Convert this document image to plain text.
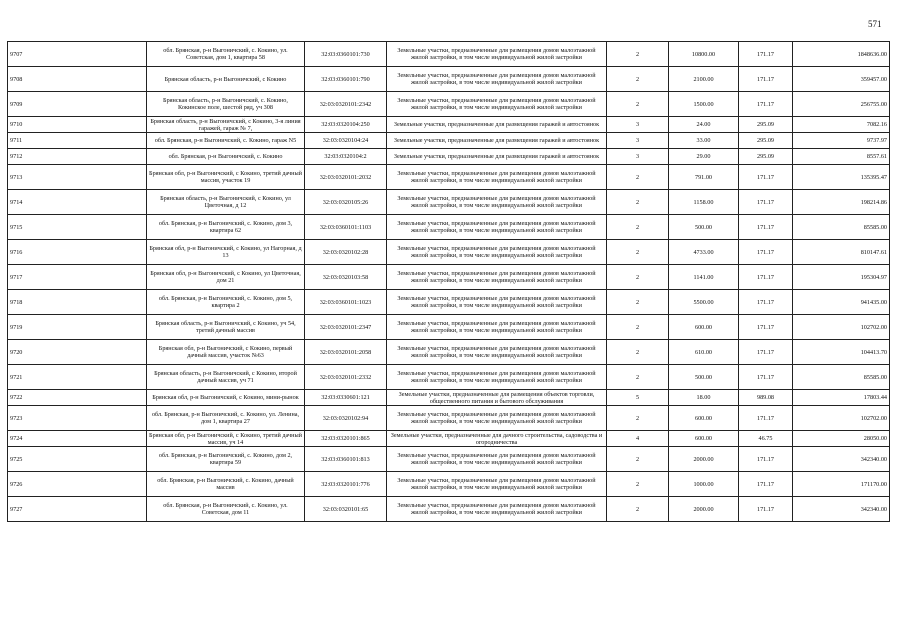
571
9707	обл. Брянская, р-н Выгоничский, с. Кокино, ул. Советская, дом 1, квартира 58	32:03:0360101:730	Земельные участки, предназначенные для размещения домов малоэтажной жилой застройки, в том числе индивидуальной жилой застройки	2	10800.00	171.17	1848636.00
9708	Брянская область, р-н Выгоничский, с Кокино	32:03:0360101:790	Земельные участки, предназначенные для размещения домов малоэтажной жилой застройки, в том числе индивидуальной жилой застройки	2	2100.00	171.17	359457.00
9709	Брянская область, р-н Выгоничский, с. Кокино, Кокинское поле, шестой ряд, уч 308	32:03:0320101:2342	Земельные участки, предназначенные для размещения домов малоэтажной жилой застройки, в том числе индивидуальной жилой застройки	2	1500.00	171.17	256755.00
9710	Брянская область, р-н Выгоничский, с Кокино, 3-я линия гаражей, гараж № 7,	32:03:0320104:250	Земельные участки, предназначенные для размещения гаражей и автостоянок	3	24.00	295.09	7082.16
9711	обл. Брянская, р-н Выгоничский, с. Кокино, гараж N5	32:03:0320104:24	Земельные участки, предназначенные для размещения гаражей и автостоянок	3	33.00	295.09	9737.97
9712	обл. Брянская, р-н Выгоничский, с. Кокино	32:03:0320104:2	Земельные участки, предназначенные для размещения гаражей и автостоянок	3	29.00	295.09	8557.61
9713	Брянская обл, р-н Выгоничский, с Кокино, третий дачный массив, участок 19	32:03:0320101:2032	Земельные участки, предназначенные для размещения домов малоэтажной жилой застройки, в том числе индивидуальной жилой застройки	2	791.00	171.17	135395.47
9714	Брянская область, р-н Выгоничский, с Кокино, ул Цветочная, д 12	32:03:0320105:26	Земельные участки, предназначенные для размещения домов малоэтажной жилой застройки, в том числе индивидуальной жилой застройки	2	1158.00	171.17	198214.86
9715	обл. Брянская, р-н Выгоничский, с. Кокино, дом 3, квартира 62	32:03:0360101:1103	Земельные участки, предназначенные для размещения домов малоэтажной жилой застройки, в том числе индивидуальной жилой застройки	2	500.00	171.17	85585.00
9716	Брянская обл, р-н Выгоничский, с Кокино, ул Нагорная, д 13	32:03:0320102:28	Земельные участки, предназначенные для размещения домов малоэтажной жилой застройки, в том числе индивидуальной жилой застройки	2	4733.00	171.17	810147.61
9717	Брянская обл, р-н Выгоничский, с Кокино, ул Цветочная, дом 21	32:03:0320103:58	Земельные участки, предназначенные для размещения домов малоэтажной жилой застройки, в том числе индивидуальной жилой застройки	2	1141.00	171.17	195304.97
9718	обл. Брянская, р-н Выгоничский, с. Кокино, дом 5, квартира 2	32:03:0360101:1023	Земельные участки, предназначенные для размещения домов малоэтажной жилой застройки, в том числе индивидуальной жилой застройки	2	5500.00	171.17	941435.00
9719	Брянская область, р-н Выгоничский, с Кокино, уч 54, третий дачный массив	32:03:0320101:2347	Земельные участки, предназначенные для размещения домов малоэтажной жилой застройки, в том числе индивидуальной жилой застройки	2	600.00	171.17	102702.00
9720	Брянская обл, р-н Выгоничский, с Кокино, первый дачный массив, участок №63	32:03:0320101:2058	Земельные участки, предназначенные для размещения домов малоэтажной жилой застройки, в том числе индивидуальной жилой застройки	2	610.00	171.17	104413.70
9721	Брянская область, р-н Выгоничский, с Кокино, второй дачный массив, уч 71	32:03:0320101:2332	Земельные участки, предназначенные для размещения домов малоэтажной жилой застройки, в том числе индивидуальной жилой застройки	2	500.00	171.17	85585.00
9722	Брянская обл, р-н Выгоничский, с Кокино, мини-рынок	32:03:0330601:121	Земельные участки, предназначенные для размещения объектов торговли, общественного питания и бытового обслуживания	5	18.00	989.08	17803.44
9723	обл. Брянская, р-н Выгоничский, с. Кокино, ул. Ленина, дом 1, квартира 27	32:03:0320102:94	Земельные участки, предназначенные для размещения домов малоэтажной жилой застройки, в том числе индивидуальной жилой застройки	2	600.00	171.17	102702.00
9724	Брянская обл, р-н Выгоничский, с Кокино, третий дачный массив, уч 14	32:03:0320101:865	Земельные участки, предназначенные для дачного строительства, садоводства и огородничества	4	600.00	46.75	28050.00
9725	обл. Брянская, р-н Выгоничский, с. Кокино, дом 2, квартира 59	32:03:0360101:813	Земельные участки, предназначенные для размещения домов малоэтажной жилой застройки, в том числе индивидуальной жилой застройки	2	2000.00	171.17	342340.00
9726	обл. Брянская, р-н Выгоничский, с. Кокино, дачный массив	32:03:0320101:776	Земельные участки, предназначенные для размещения домов малоэтажной жилой застройки, в том числе индивидуальной жилой застройки	2	1000.00	171.17	171170.00
9727	обл. Брянская, р-н Выгоничский, с. Кокино, ул. Советская, дом 11	32:03:0320101:65	Земельные участки, предназначенные для размещения домов малоэтажной жилой застройки, в том числе индивидуальной жилой застройки	2	2000.00	171.17	342340.00
